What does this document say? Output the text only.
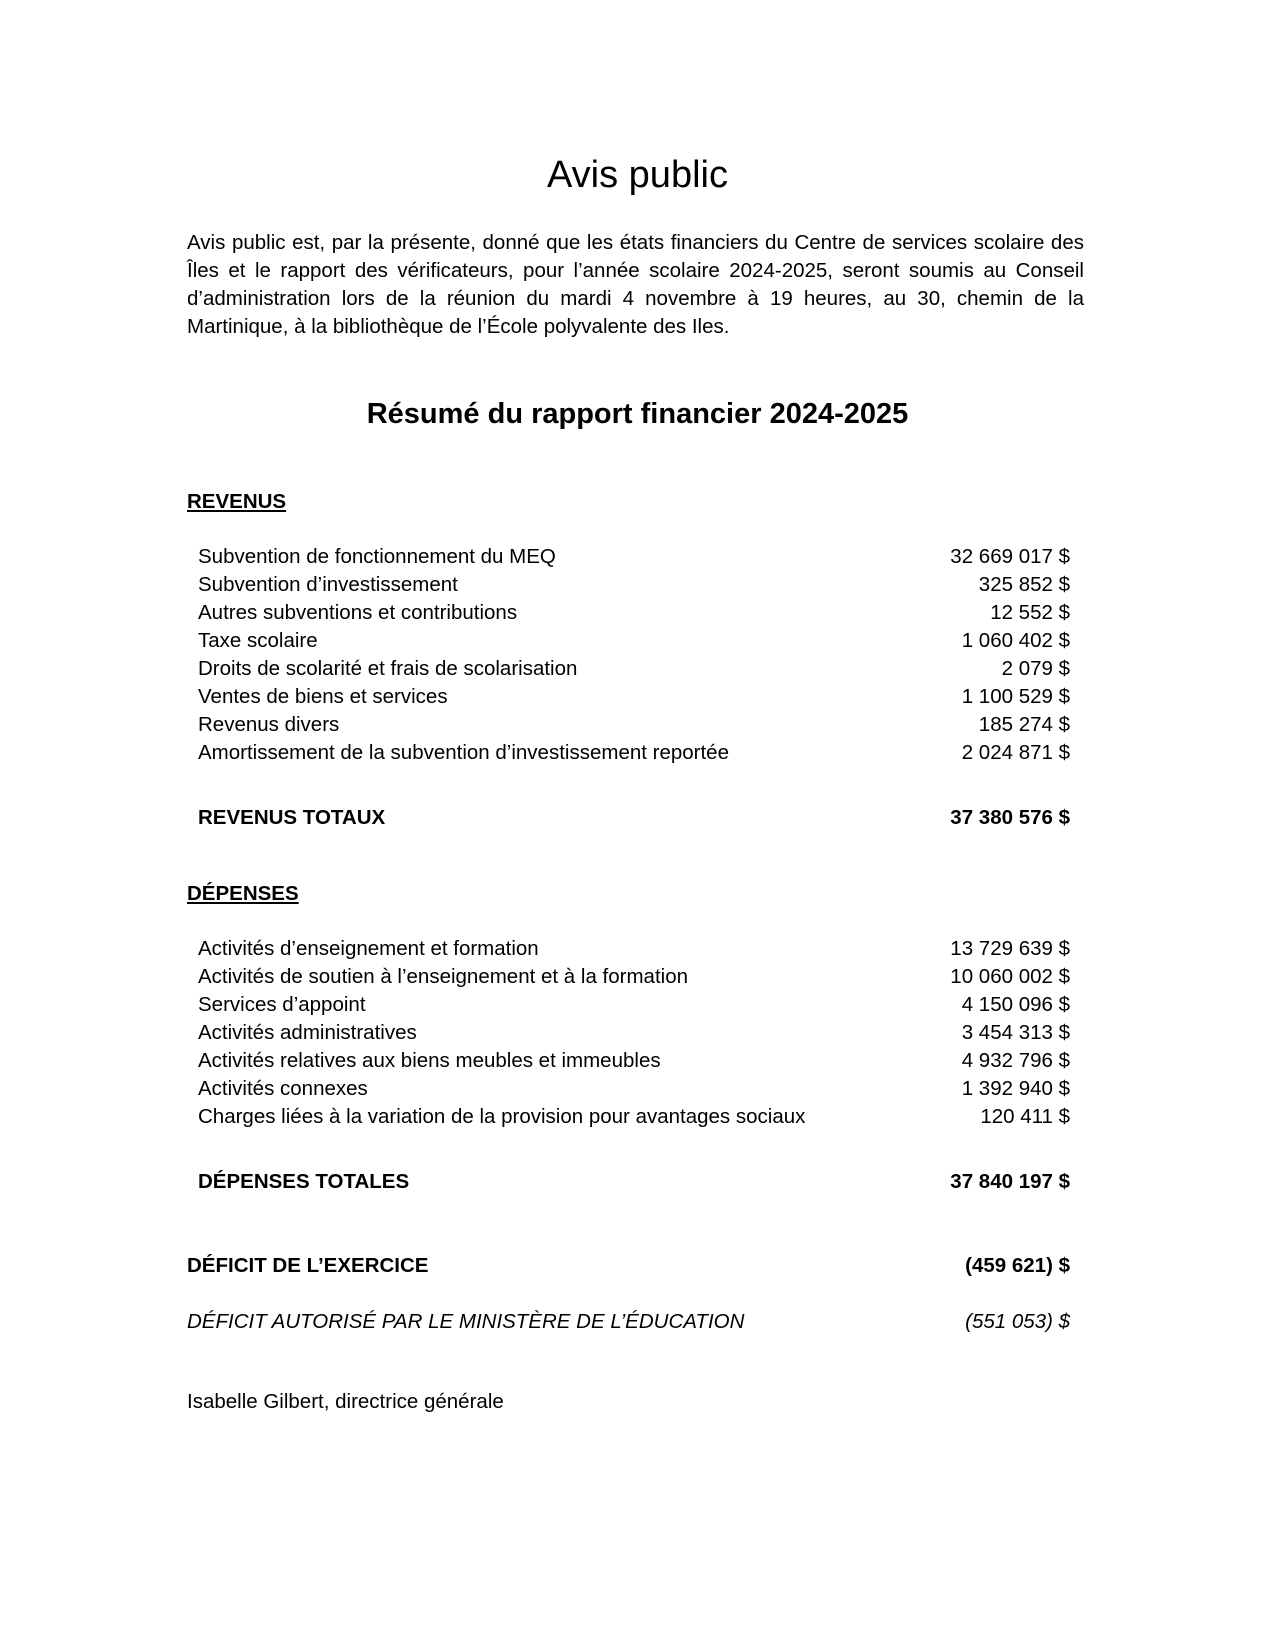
Avis public

Avis public est, par la présente, donné que les états financiers du Centre de services scolaire des Îles et le rapport des vérificateurs, pour l’année scolaire 2024-2025, seront soumis au Conseil d’administration lors de la réunion du mardi 4 novembre à 19 heures, au 30, chemin de la Martinique, à la bibliothèque de l’École polyvalente des Iles.

Résumé du rapport financier 2024-2025
REVENUS
Subvention de fonctionnement du MEQ	32 669 017 $
Subvention d’investissement	325 852 $
Autres subventions et contributions	12 552 $
Taxe scolaire	1 060 402 $
Droits de scolarité et frais de scolarisation	2 079 $
Ventes de biens et services	1 100 529 $
Revenus divers	185 274 $
Amortissement de la subvention d’investissement reportée	2 024 871 $
REVENUS TOTAUX	37 380 576 $
DÉPENSES
Activités d’enseignement et formation	13 729 639 $
Activités de soutien à l’enseignement et à la formation	10 060 002 $
Services d’appoint	4 150 096 $
Activités administratives	3 454 313 $
Activités relatives aux biens meubles et immeubles	4 932 796 $
Activités connexes	1 392 940 $
Charges liées à la variation de la provision pour avantages sociaux	120 411 $
DÉPENSES TOTALES	37 840 197 $
DÉFICIT DE L’EXERCICE	(459 621) $
DÉFICIT AUTORISÉ PAR LE MINISTÈRE DE L’ÉDUCATION	(551 053) $
Isabelle Gilbert, directrice générale
